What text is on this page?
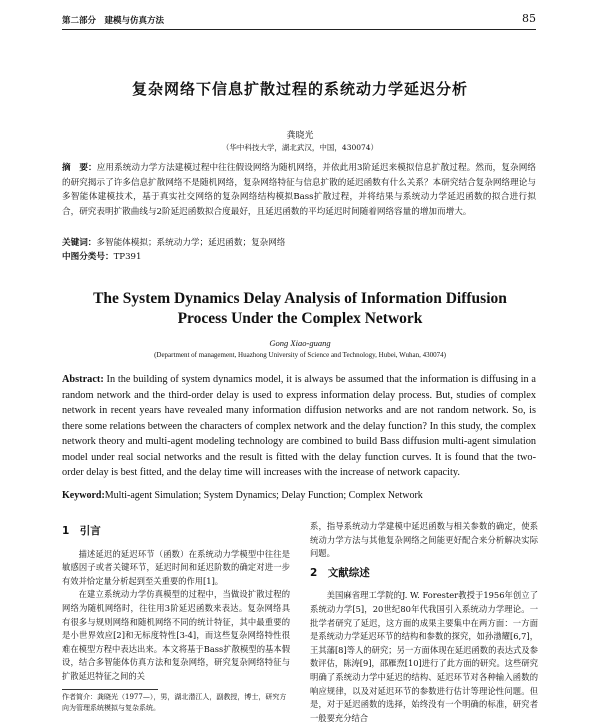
第二部分　建模与仿真方法	85
复杂网络下信息扩散过程的系统动力学延迟分析
龚晓光
（华中科技大学，湖北武汉，中国，430074）
摘　要：应用系统动力学方法建模过程中往往假设网络为随机网络，并依此用3阶延迟来模拟信息扩散过程。然而，复杂网络的研究揭示了许多信息扩散网络不是随机网络，复杂网络特征与信息扩散的延迟函数有什么关系？本研究结合复杂网络理论与多智能体建模技术，基于真实社交网络的复杂网络结构模拟Bass扩散过程，并将结果与系统动力学延迟函数的拟合进行拟合，研究表明扩散曲线与2阶延迟函数拟合度最好，且延迟函数的平均延迟时间随着网络容量的增加而增大。
关键词：多智能体模拟；系统动力学；延迟函数；复杂网络
中图分类号：TP391
The System Dynamics Delay Analysis of Information Diffusion
Process Under the Complex Network
Gong Xiao-guang
(Department of management, Huazhong University of Science and Technology, Hubei, Wuhan, 430074)
Abstract: In the building of system dynamics model, it is always be assumed that the information is diffusing in a random network and the third-order delay is used to express information delay process. But, studies of complex network in recent years have revealed many information diffusion networks and are not random network. So, is there some relations between the characters of complex network and the delay function? In this study, the complex network theory and multi-agent modeling technology are combined to build Bass diffusion multi-agent simulation model under real social networks and the result is fitted with the delay function curves. It is found that the two-order delay is best fitted, and the delay time will increases with the increase of network capacity.
Keyword:Multi-agent Simulation; System Dynamics; Delay Function; Complex Network
1　引言

描述延迟的延迟环节（函数）在系统动力学模型中往往是敏感因子或者关键环节，延迟时间和延迟阶数的确定对进一步有效并恰定量分析起到至关重要的作用[1]。

在建立系统动力学仿真模型的过程中，当做设扩散过程的网络为随机网络时，往往用3阶延迟函数来表达。复杂网络具有很多与规则网络和随机网络不同的统计特征，其中最重要的是小世界效应[2]和无标度特性[3-4]，而这些复杂网络特性很难在模型方程中表达出来。本文将基于Bass扩散模型的基本假设，结合多智能体仿真方法和复杂网络，研究复杂网络特征与扩散延迟特征之间的关

系，指导系统动力学建模中延迟函数与相关参数的确定，使系统动力学方法与其他复杂网络之间能更好配合来分析解决实际问题。

2　文献综述

美国麻省理工学院的J. W. Forester教授于1956年创立了系统动力学[5]，20世纪80年代我国引入系统动力学理论。一批学者研究了延迟，这方面的成果主要集中在两方面：一方面是系统动力学延迟环节的结构和参数的探究，如孙渤耀[6,7]，王其藩[8]等人的研究；另一方面体现在延迟函数的表达式及参数评估，陈涛[9]，邵雁焘[10]进行了此方面的研究。这些研究明确了系统动力学中延迟的结构、延迟环节对各种输入函数的响应规律，以及对延迟环节的参数进行估计等理论性问题。但是，对于延迟函数的选择，始终没有一个明确的标准，研究者一般要充分结合

作者简介：龚晓光（1977—），男，湖北潜江人，副教授，博士，研究方向为管理系统模拟与复杂系统。
